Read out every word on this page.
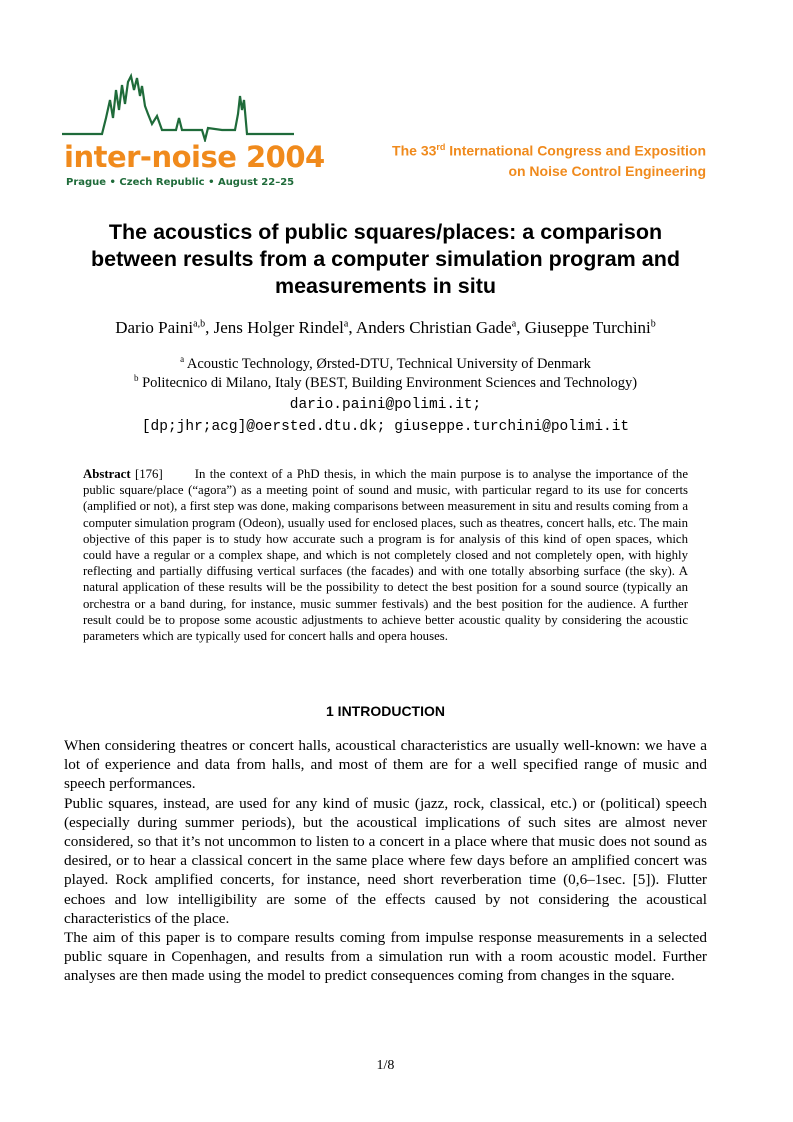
inter-noise 2004
Prague • Czech Republic • August 22–25
The 33rd International Congress and Exposition
on Noise Control Engineering
The acoustics of public squares/places: a comparison
between results from a computer simulation program and
measurements in situ
Dario Paini$^{a,b}$, Jens Holger Rindel$^a$, Anders Christian Gade$^a$, Giuseppe Turchini$^b$
$^a$ Acoustic Technology, Ørsted-DTU, Technical University of Denmark
$^b$ Politecnico di Milano, Italy (BEST, Building Environment Sciences and Technology)
dario.paini@polimi.it;
[dp;jhr;acg]@oersted.dtu.dk; giuseppe.turchini@polimi.it
Abstract [176]	In the context of a PhD thesis, in which the main purpose is to analyse the importance of the public square/place (“agora”) as a meeting point of sound and music, with particular regard to its use for concerts (amplified or not), a first step was done, making comparisons between measurement in situ and results coming from a computer simulation program (Odeon), usually used for enclosed places, such as theatres, concert halls, etc. The main objective of this paper is to study how accurate such a program is for analysis of this kind of open spaces, which could have a regular or a complex shape, and which is not completely closed and not completely open, with highly reflecting and partially diffusing vertical surfaces (the facades) and with one totally absorbing surface (the sky). A natural application of these results will be the possibility to detect the best position for a sound source (typically an orchestra or a band during, for instance, music summer festivals) and the best position for the audience. A further result could be to propose some acoustic adjustments to achieve better acoustic quality by considering the acoustic parameters which are typically used for concert halls and opera houses.
1 INTRODUCTION

When considering theatres or concert halls, acoustical characteristics are usually well-known: we have a lot of experience and data from halls, and most of them are for a well specified range of music and speech performances.

Public squares, instead, are used for any kind of music (jazz, rock, classical, etc.) or (political) speech (especially during summer periods), but the acoustical implications of such sites are almost never considered, so that it’s not uncommon to listen to a concert in a place where that music does not sound as desired, or to hear a classical concert in the same place where few days before an amplified concert was played. Rock amplified concerts, for instance, need short reverberation time (0,6–1sec. [5]). Flutter echoes and low intelligibility are some of the effects caused by not considering the acoustical characteristics of the place.

The aim of this paper is to compare results coming from impulse response measurements in a selected public square in Copenhagen, and results from a simulation run with a room acoustic model. Further analyses are then made using the model to predict consequences coming from changes in the square.

1/8
